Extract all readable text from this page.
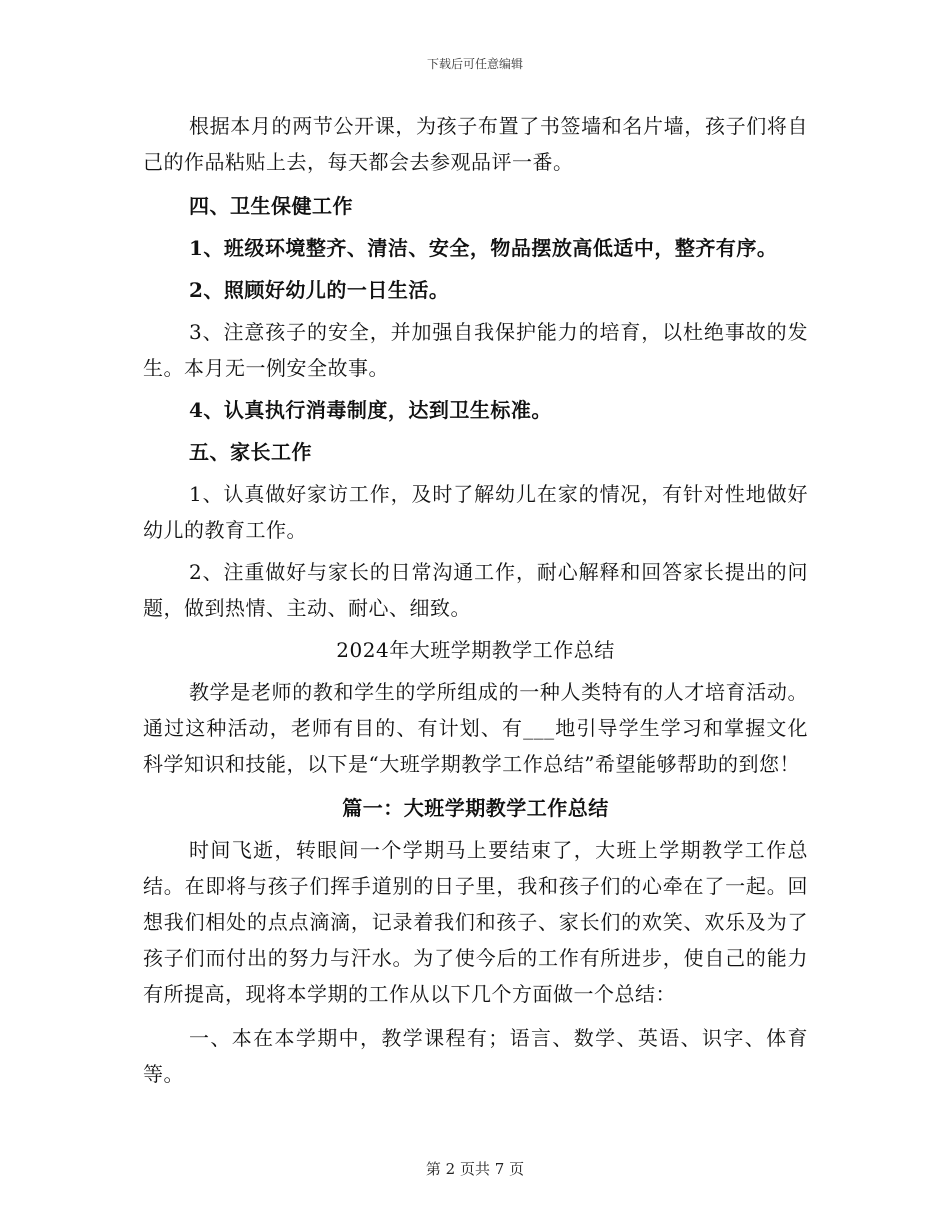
下载后可任意编辑

根据本月的两节公开课，为孩子布置了书签墙和名片墙，孩子们将自己的作品粘贴上去，每天都会去参观品评一番。

四、卫生保健工作

1、班级环境整齐、清洁、安全，物品摆放高低适中，整齐有序。

2、照顾好幼儿的一日生活。

3、注意孩子的安全，并加强自我保护能力的培育，以杜绝事故的发生。本月无一例安全故事。

4、认真执行消毒制度，达到卫生标准。

五、家长工作

1、认真做好家访工作，及时了解幼儿在家的情况，有针对性地做好幼儿的教育工作。

2、注重做好与家长的日常沟通工作，耐心解释和回答家长提出的问题，做到热情、主动、耐心、细致。

2024年大班学期教学工作总结

教学是老师的教和学生的学所组成的一种人类特有的人才培育活动。通过这种活动，老师有目的、有计划、有___地引导学生学习和掌握文化科学知识和技能，以下是“大班学期教学工作总结”希望能够帮助的到您！

篇一：大班学期教学工作总结

时间飞逝，转眼间一个学期马上要结束了，大班上学期教学工作总结。在即将与孩子们挥手道别的日子里，我和孩子们的心牵在了一起。回想我们相处的点点滴滴，记录着我们和孩子、家长们的欢笑、欢乐及为了孩子们而付出的努力与汗水。为了使今后的工作有所进步，使自己的能力有所提高，现将本学期的工作从以下几个方面做一个总结：

一、本在本学期中，教学课程有；语言、数学、英语、识字、体育等。

第 2 页共 7 页
